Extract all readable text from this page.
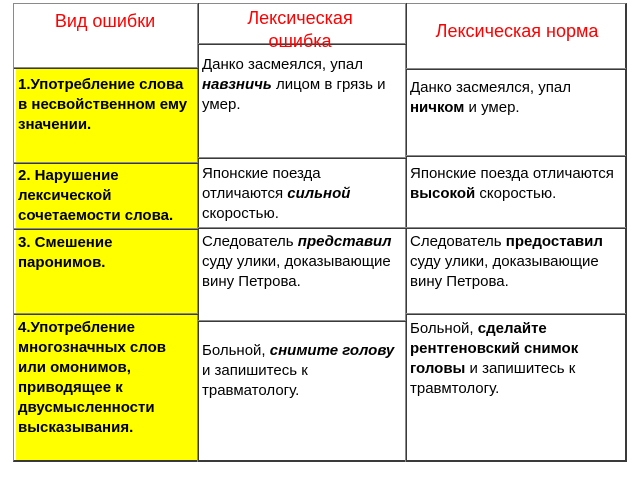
Вид ошибки	Лексическая ошибка	Лексическая норма
1.Употребление слова в несвойственном ему значении.
2. Нарушение лексической сочетаемости слова.
3. Смешение паронимов.
4.Употребление многозначных слов или омонимов, приводящее к двусмысленности высказывания.
Данко засмеялся, упал навзничь лицом в грязь и умер.
Японские поезда отличаются сильной скоростью.
Следователь представил суду улики, доказывающие вину Петрова.
Больной, снимите голову и запишитесь к травматологу.
Данко засмеялся, упал ничком и умер.
Японские поезда отличаются высокой скоростью.
Следователь предоставил суду улики, доказывающие вину Петрова.
Больной, сделайте рентгеновский снимок головы и запишитесь к травмтологу.
